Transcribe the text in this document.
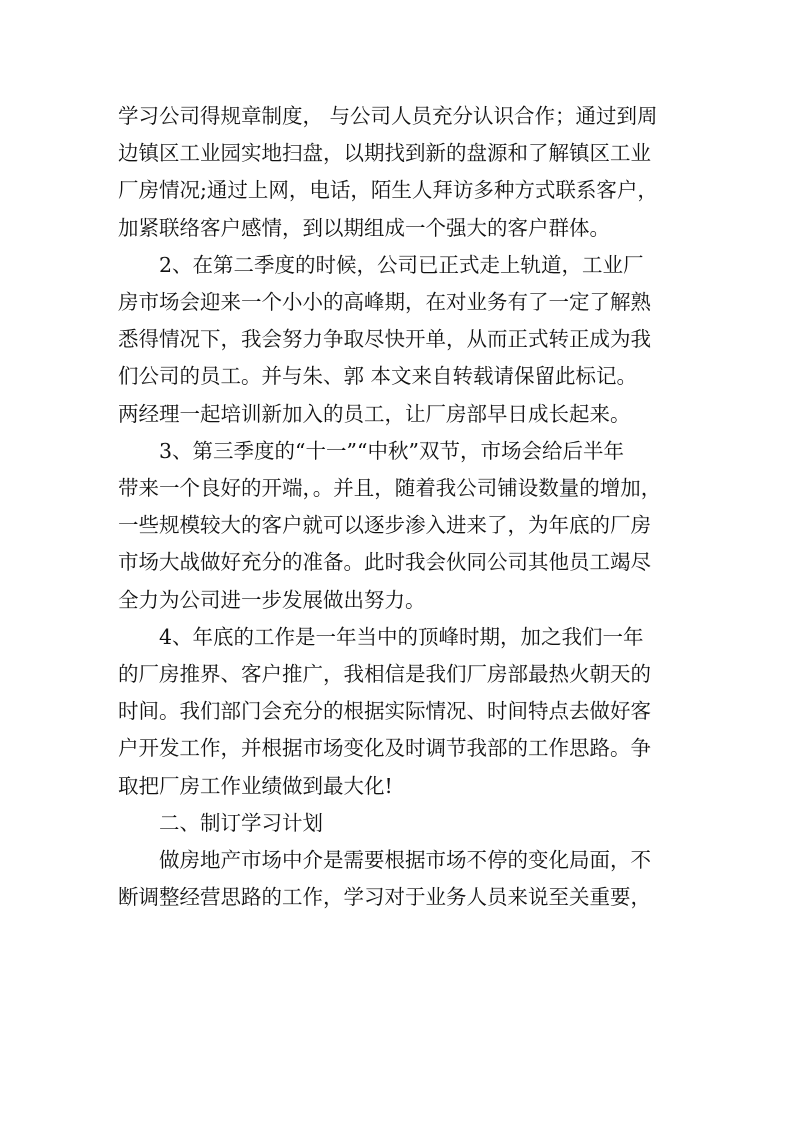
学习公司得规章制度， 与公司人员充分认识合作；通过到周
边镇区工业园实地扫盘，以期找到新的盘源和了解镇区工业
厂房情况;通过上网，电话，陌生人拜访多种方式联系客户，
加紧联络客户感情，到以期组成一个强大的客户群体。

2、在第二季度的时候，公司已正式走上轨道，工业厂
房市场会迎来一个小小的高峰期，在对业务有了一定了解熟
悉得情况下，我会努力争取尽快开单，从而正式转正成为我
们公司的员工。并与朱、郭 本文来自转载请保留此标记。
两经理一起培训新加入的员工，让厂房部早日成长起来。

3、第三季度的“十一”“中秋”双节，市场会给后半年
带来一个良好的开端，。并且，随着我公司铺设数量的增加，
一些规模较大的客户就可以逐步渗入进来了，为年底的厂房
市场大战做好充分的准备。此时我会伙同公司其他员工竭尽
全力为公司进一步发展做出努力。

4、年底的工作是一年当中的顶峰时期，加之我们一年
的厂房推界、客户推广，我相信是我们厂房部最热火朝天的
时间。我们部门会充分的根据实际情况、时间特点去做好客
户开发工作，并根据市场变化及时调节我部的工作思路。争
取把厂房工作业绩做到最大化!

二、制订学习计划

做房地产市场中介是需要根据市场不停的变化局面，不
断调整经营思路的工作，学习对于业务人员来说至关重要，
